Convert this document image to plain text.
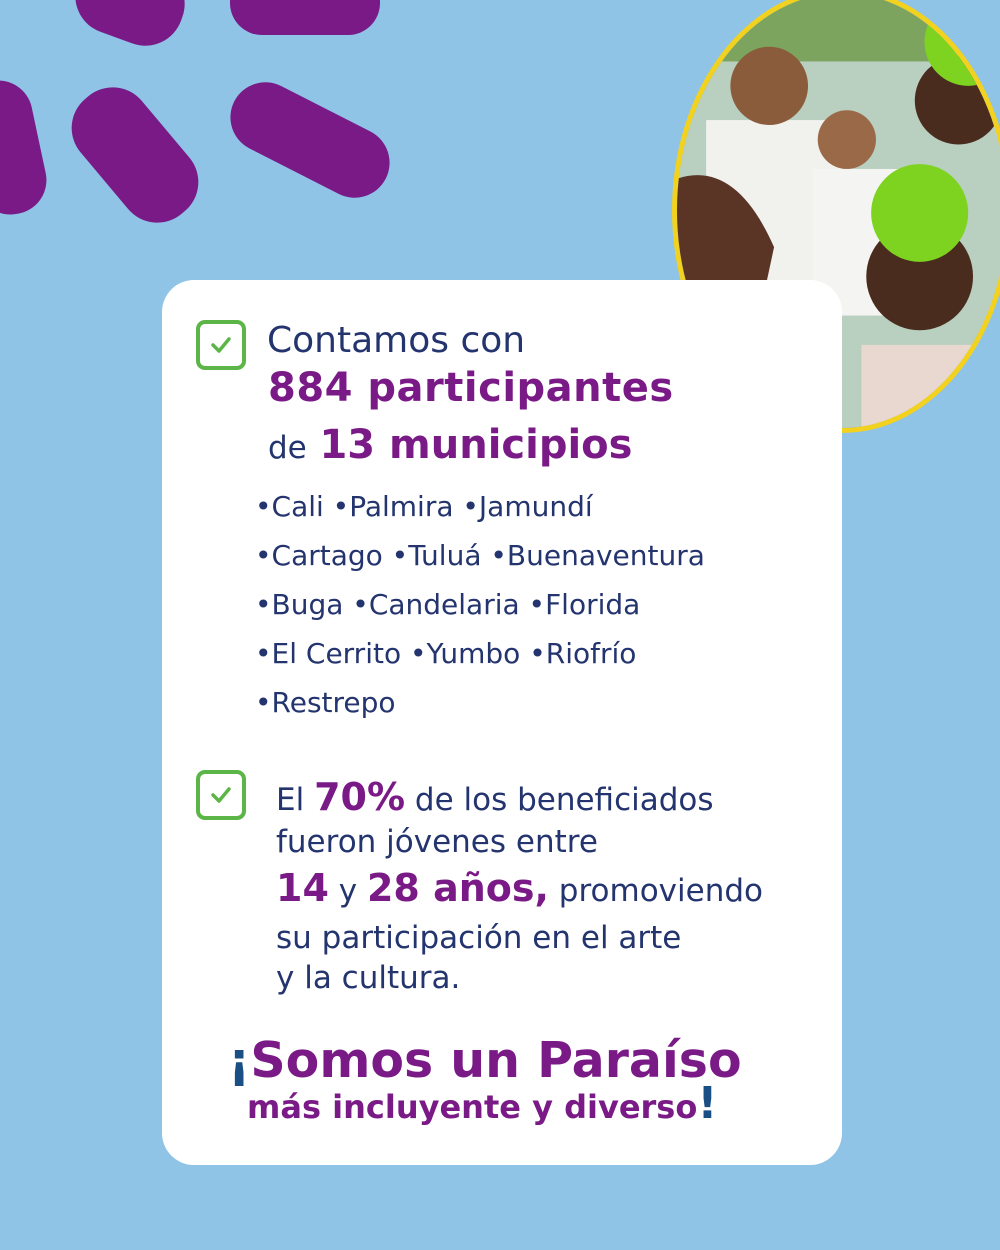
Contamos con
884 participantes
de 13 municipios
•Cali •Palmira •Jamundí
•Cartago •Tuluá •Buenaventura
•Buga •Candelaria •Florida
•El Cerrito •Yumbo •Riofrío
•Restrepo
El 70% de los beneficiados
fueron jóvenes entre
14 y 28 años, promoviendo
su participación en el arte
y la cultura.
¡Somos un Paraíso
más incluyente y diverso!
